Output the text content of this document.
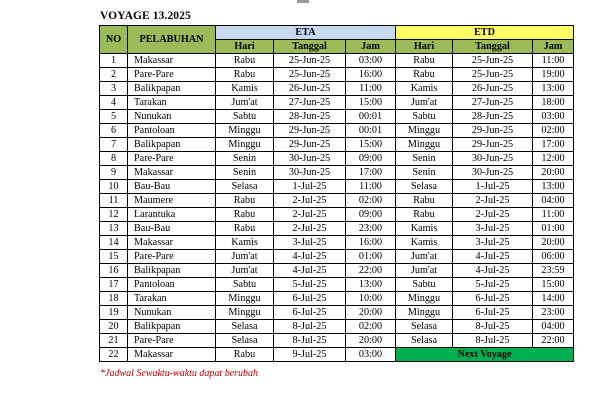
VOYAGE 13.2025
NO	PELABUHAN	ETA			ETD		
		Hari	Tanggal	Jam	Hari	Tanggal	Jam
1	Makassar	Rabu	25-Jun-25	03:00	Rabu	25-Jun-25	11:00
2	Pare-Pare	Rabu	25-Jun-25	16:00	Rabu	25-Jun-25	19:00
3	Balikpapan	Kamis	26-Jun-25	11:00	Kamis	26-Jun-25	13:00
4	Tarakan	Jum'at	27-Jun-25	15:00	Jum'at	27-Jun-25	18:00
5	Nunukan	Sabtu	28-Jun-25	00:01	Sabtu	28-Jun-25	03:00
6	Pantoloan	Minggu	29-Jun-25	00:01	Minggu	29-Jun-25	02:00
7	Balikpapan	Minggu	29-Jun-25	15:00	Minggu	29-Jun-25	17:00
8	Pare-Pare	Senin	30-Jun-25	09:00	Senin	30-Jun-25	12:00
9	Makassar	Senin	30-Jun-25	17:00	Senin	30-Jun-25	20:00
10	Bau-Bau	Selasa	1-Jul-25	11:00	Selasa	1-Jul-25	13:00
11	Maumere	Rabu	2-Jul-25	02:00	Rabu	2-Jul-25	04:00
12	Larantuka	Rabu	2-Jul-25	09:00	Rabu	2-Jul-25	11:00
13	Bau-Bau	Rabu	2-Jul-25	23:00	Kamis	3-Jul-25	01:00
14	Makassar	Kamis	3-Jul-25	16:00	Kamis	3-Jul-25	20:00
15	Pare-Pare	Jum'at	4-Jul-25	01:00	Jum'at	4-Jul-25	06:00
16	Balikpapan	Jum'at	4-Jul-25	22:00	Jum'at	4-Jul-25	23:59
17	Pantoloan	Sabtu	5-Jul-25	13:00	Sabtu	5-Jul-25	15:00
18	Tarakan	Minggu	6-Jul-25	10:00	Minggu	6-Jul-25	14:00
19	Nunukan	Minggu	6-Jul-25	20:00	Minggu	6-Jul-25	23:00
20	Balikpapan	Selasa	8-Jul-25	02:00	Selasa	8-Jul-25	04:00
21	Pare-Pare	Selasa	8-Jul-25	20:00	Selasa	8-Jul-25	22:00
22	Makassar	Rabu	9-Jul-25	03:00	Next Voyage		
*Jadwal Sewaktu-waktu dapat berubah
